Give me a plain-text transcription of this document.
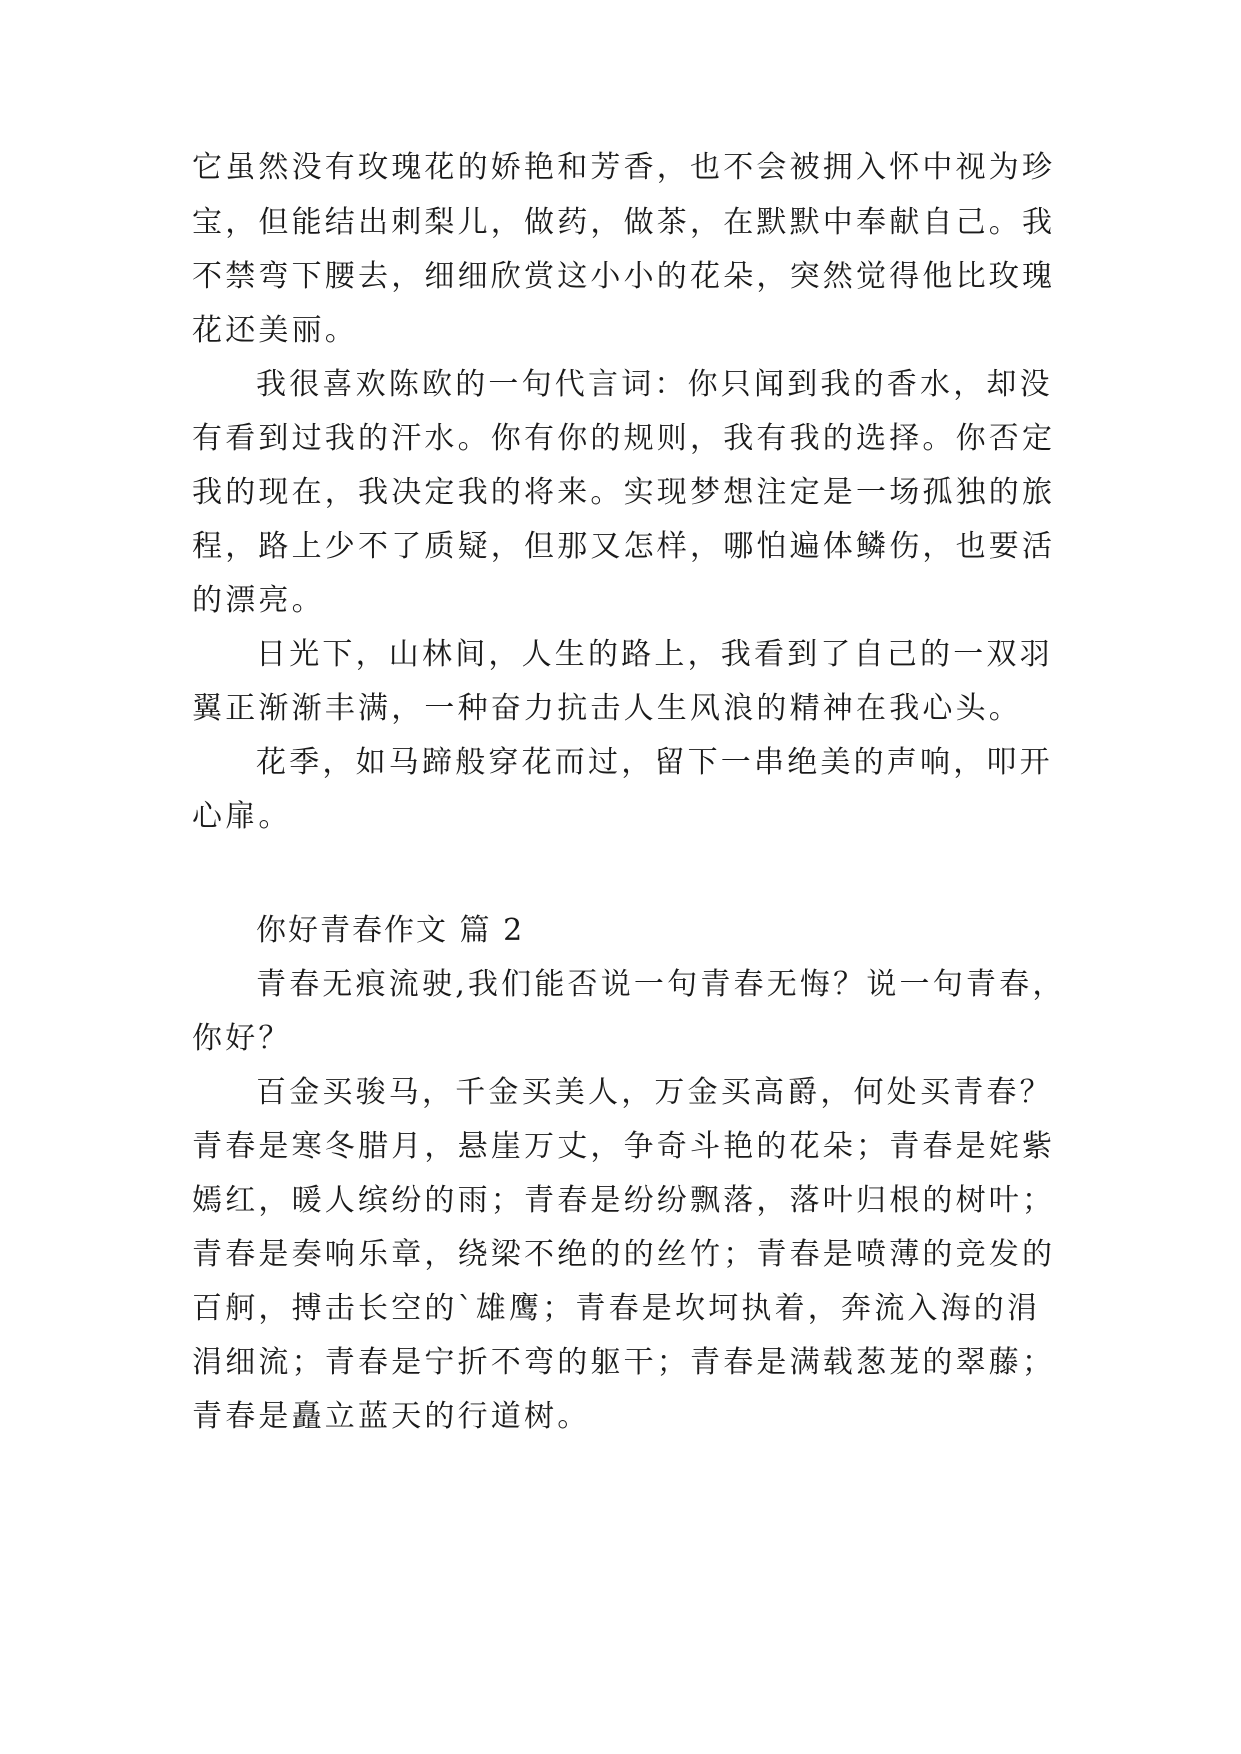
它虽然没有玫瑰花的娇艳和芳香，也不会被拥入怀中视为珍
宝，但能结出刺梨儿，做药，做茶，在默默中奉献自己。我
不禁弯下腰去，细细欣赏这小小的花朵，突然觉得他比玫瑰
花还美丽。
我很喜欢陈欧的一句代言词：你只闻到我的香水，却没
有看到过我的汗水。你有你的规则，我有我的选择。你否定
我的现在，我决定我的将来。实现梦想注定是一场孤独的旅
程，路上少不了质疑，但那又怎样，哪怕遍体鳞伤，也要活
的漂亮。
日光下，山林间，人生的路上，我看到了自己的一双羽
翼正渐渐丰满，一种奋力抗击人生风浪的精神在我心头。
花季，如马蹄般穿花而过，留下一串绝美的声响，叩开
心扉。
你好青春作文 篇 2
青春无痕流驶,我们能否说一句青春无悔？说一句青春，
你好？
百金买骏马，千金买美人，万金买高爵，何处买青春？
青春是寒冬腊月，悬崖万丈，争奇斗艳的花朵；青春是姹紫
嫣红，暖人缤纷的雨；青春是纷纷飘落，落叶归根的树叶；
青春是奏响乐章，绕梁不绝的的丝竹；青春是喷薄的竞发的
百舸，搏击长空的`雄鹰；青春是坎坷执着，奔流入海的涓
涓细流；青春是宁折不弯的躯干；青春是满载葱茏的翠藤；
青春是矗立蓝天的行道树。
